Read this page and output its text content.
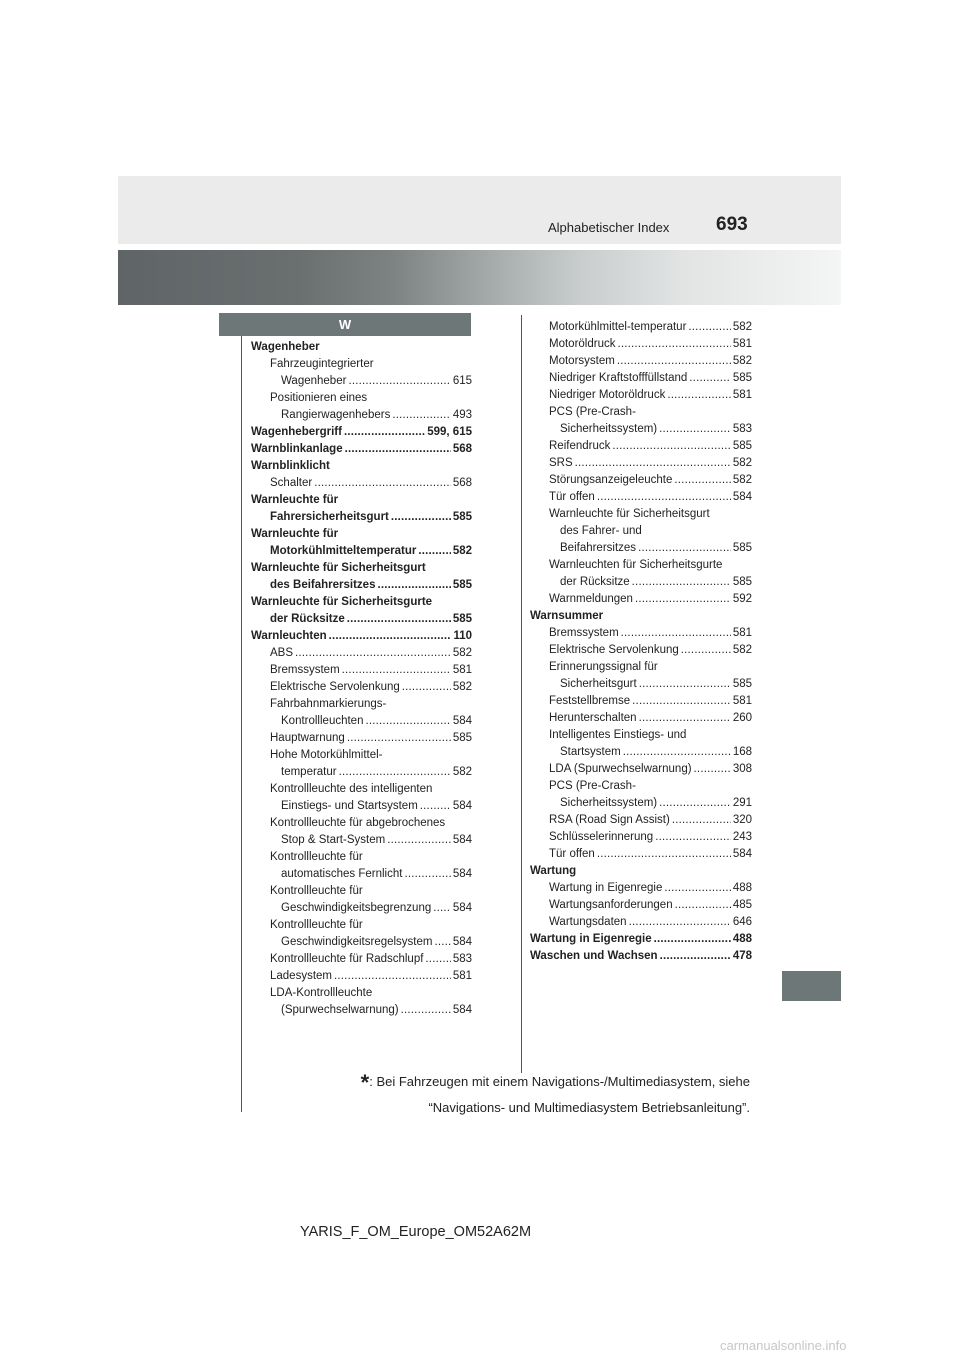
Alphabetischer Index 693
W
Wagenheber
Fahrzeugintegrierter
Wagenheber . . .	615
Positionieren eines
Rangierwagenhebers . . .	493
Wagenhebergriff . . .	599, 615
Warnblinkanlage . . .	568
Warnblinklicht
Schalter . . .	568
Warnleuchte für
Fahrersicherheitsgurt . . .	585
Warnleuchte für
Motorkühlmitteltemperatur . . .	582
Warnleuchte für Sicherheitsgurt
des Beifahrersitzes . . .	585
Warnleuchte für Sicherheitsgurte
der Rücksitze . . .	585
Warnleuchten . . .	110
ABS . . .	582
Bremssystem . . .	581
Elektrische Servolenkung . . .	582
Fahrbahnmarkierungs-
Kontrollleuchten . . .	584
Hauptwarnung . . .	585
Hohe Motorkühlmittel-
temperatur . . .	582
Kontrollleuchte des intelligenten
Einstiegs- und Startsystem . . .	584
Kontrollleuchte für abgebrochenes
Stop & Start-System . . .	584
Kontrollleuchte für
automatisches Fernlicht . . .	584
Kontrollleuchte für
Geschwindigkeitsbegrenzung . . . 584
Kontrollleuchte für
Geschwindigkeitsregelsystem . . . 584
Kontrollleuchte für Radschlupf . . .	583
Ladesystem . . .	581
LDA-Kontrollleuchte
(Spurwechselwarnung) . . .	584
Motorkühlmittel-temperatur . . .	582
Motoröldruck . . .	581
Motorsystem . . .	582
Niedriger Kraftstofffüllstand . . .	585
Niedriger Motoröldruck . . .	581
PCS (Pre-Crash-
Sicherheitssystem) . . .	583
Reifendruck . . .	585
SRS . . .	582
Störungsanzeigeleuchte . . .	582
Tür offen . . .	584
Warnleuchte für Sicherheitsgurt
des Fahrer- und
Beifahrersitzes . . .	585
Warnleuchten für Sicherheitsgurte
der Rücksitze . . .	585
Warnmeldungen . . .	592
Warnsummer
Bremssystem . . .	581
Elektrische Servolenkung . . .	582
Erinnerungssignal für
Sicherheitsgurt . . .	585
Feststellbremse . . .	581
Herunterschalten . . .	260
Intelligentes Einstiegs- und
Startsystem . . .	168
LDA (Spurwechselwarnung) . . .	308
PCS (Pre-Crash-
Sicherheitssystem) . . .	291
RSA (Road Sign Assist) . . .	320
Schlüsselerinnerung . . .	243
Tür offen . . .	584
Wartung
Wartung in Eigenregie . . .	488
Wartungsanforderungen . . .	485
Wartungsdaten . . .	646
Wartung in Eigenregie . . .	488
Waschen und Wachsen . . .	478
*: Bei Fahrzeugen mit einem Navigations-/Multimediasystem, siehe
“Navigations- und Multimediasystem Betriebsanleitung”.
YARIS_F_OM_Europe_OM52A62M
carmanualsonline.info
